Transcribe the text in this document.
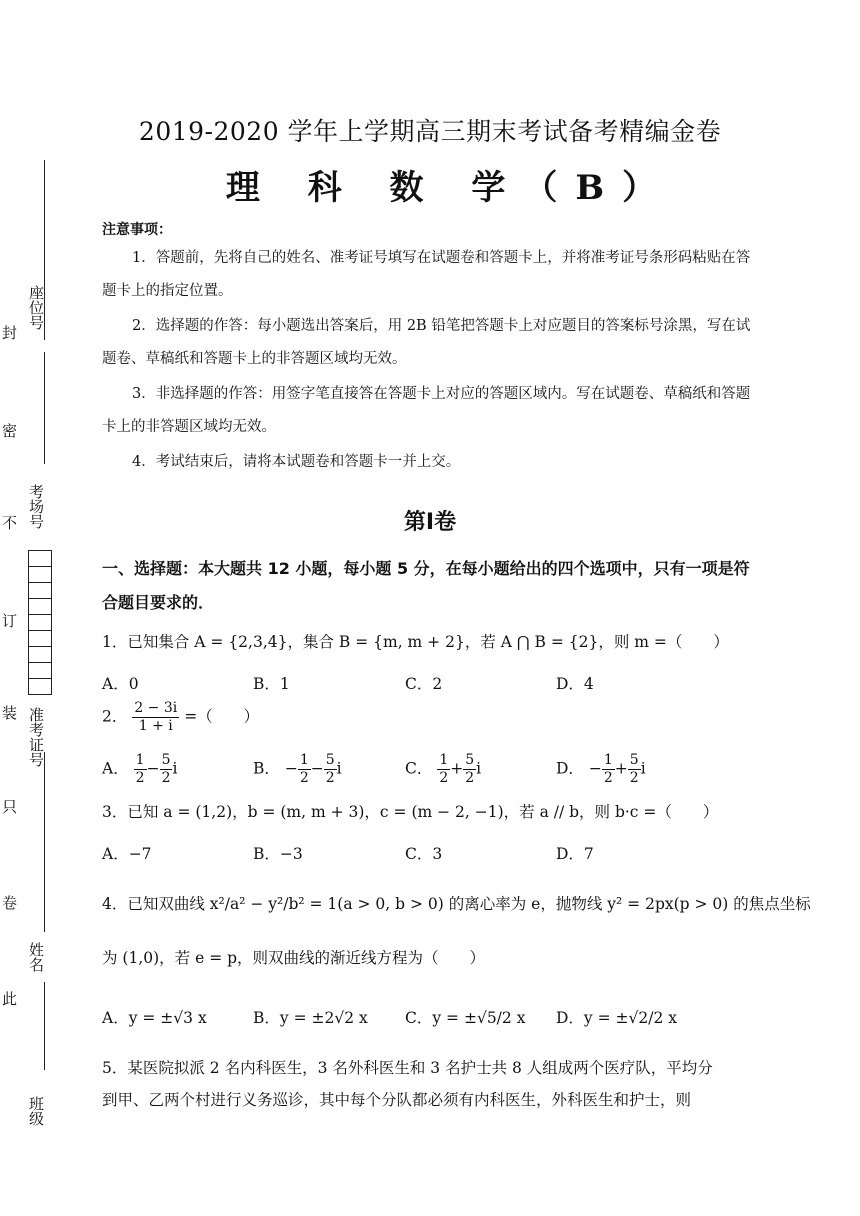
封
密
不
订
装
只
卷
此
座位号
考场号
准考证号
姓名
班级
2019-2020 学年上学期高三期末考试备考精编金卷
理 科 数 学（B）
注意事项：
1．答题前，先将自己的姓名、准考证号填写在试题卷和答题卡上，并将准考证号条形码粘贴在答题卡上的指定位置。
2．选择题的作答：每小题选出答案后，用 2B 铅笔把答题卡上对应题目的答案标号涂黑，写在试题卷、草稿纸和答题卡上的非答题区域均无效。
3．非选择题的作答：用签字笔直接答在答题卡上对应的答题区域内。写在试题卷、草稿纸和答题卡上的非答题区域均无效。
4．考试结束后，请将本试题卷和答题卡一并上交。
第Ⅰ卷
一、选择题：本大题共 12 小题，每小题 5 分，在每小题给出的四个选项中，只有一项是符合题目要求的．
1．已知集合 A = {2,3,4}，集合 B = {m, m + 2}，若 A ⋂ B = {2}，则 m =（　　）
A．0	B．1	C．2	D．4
2． $\frac{2 - 3i}{1 + i}$ =（　　）
A． $\frac{1}{2} - \frac{5}{2}$ i	B． − $\frac{1}{2} - \frac{5}{2}$ i	C． $\frac{1}{2} + \frac{5}{2}$ i	D． − $\frac{1}{2} + \frac{5}{2}$ i
3．已知 a = (1,2)，b = (m, m + 3)，c = (m − 2, −1)，若 a // b，则 b·c =（　　）
A．−7	B．−3	C．3	D．7
4．已知双曲线 x²/a² − y²/b² = 1(a > 0, b > 0) 的离心率为 e，抛物线 y² = 2px(p > 0) 的焦点坐标
为 (1,0)，若 e = p，则双曲线的渐近线方程为（　　）
A．y = ±√3 x	B．y = ±2√2 x C．y = ±√5/2 x D．y = ±√2/2 x
5．某医院拟派 2 名内科医生，3 名外科医生和 3 名护士共 8 人组成两个医疗队，平均分
到甲、乙两个村进行义务巡诊，其中每个分队都必须有内科医生，外科医生和护士，则
